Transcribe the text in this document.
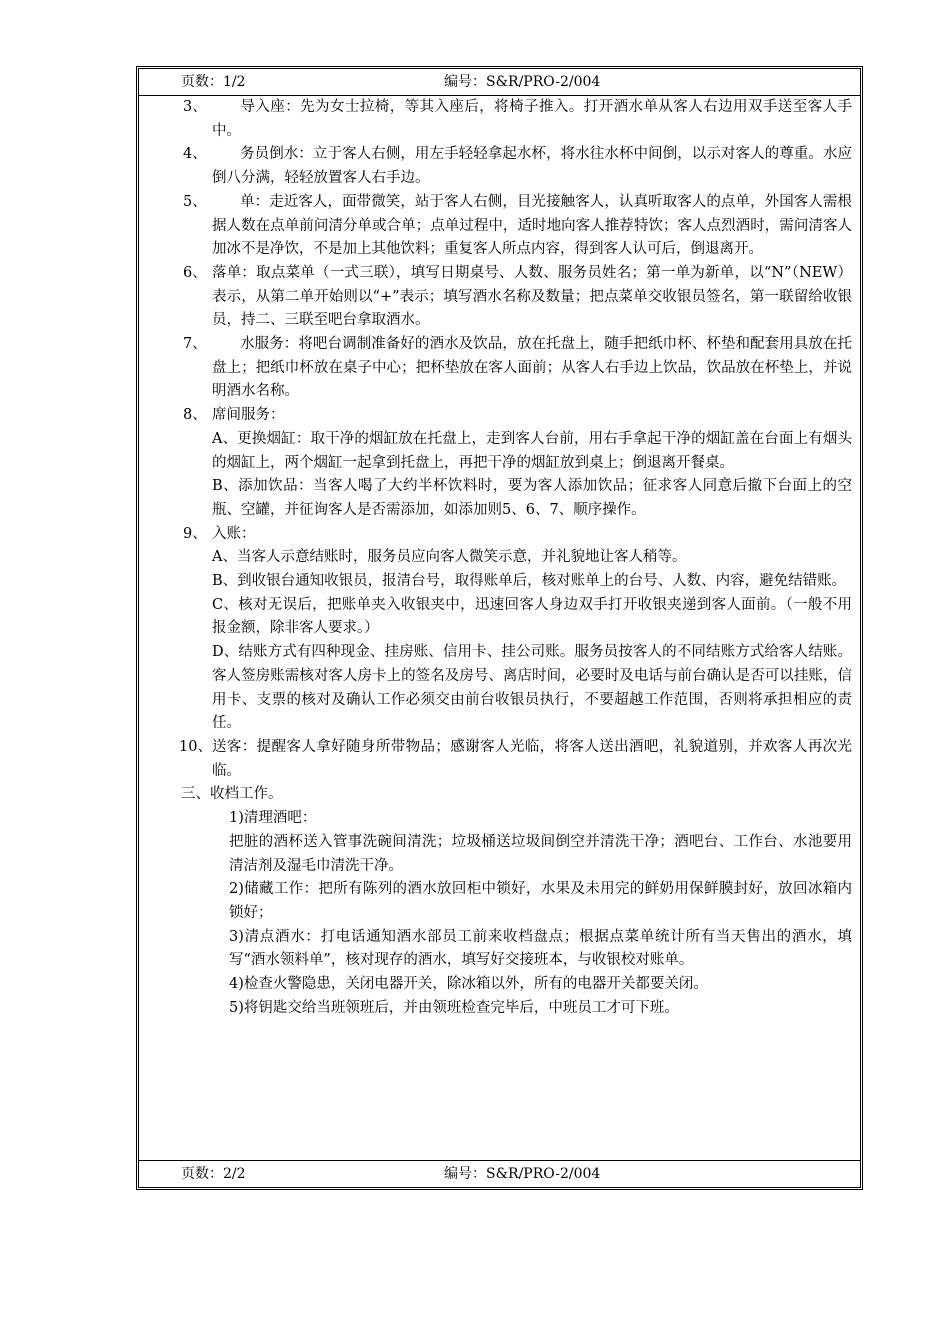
页数：1/2	编号：S&R/PRO-2/004
3、 导入座：先为女士拉椅，等其入座后，将椅子推入。打开酒水单从客人右边用双手送至客人手中。
4、 务员倒水：立于客人右侧，用左手轻轻拿起水杯，将水往水杯中间倒，以示对客人的尊重。水应倒八分满，轻轻放置客人右手边。
5、 单：走近客人，面带微笑，站于客人右侧，目光接触客人，认真听取客人的点单，外国客人需根据人数在点单前问清分单或合单；点单过程中，适时地向客人推荐特饮；客人点烈酒时，需问清客人加冰不是净饮，不是加上其他饮料；重复客人所点内容，得到客人认可后，倒退离开。
6、 落单：取点菜单（一式三联），填写日期桌号、人数、服务员姓名；第一单为新单，以“N”（NEW）表示，从第二单开始则以“+”表示；填写酒水名称及数量；把点菜单交收银员签名，第一联留给收银员，持二、三联至吧台拿取酒水。
7、 水服务：将吧台调制准备好的酒水及饮品，放在托盘上，随手把纸巾杯、杯垫和配套用具放在托盘上；把纸巾杯放在桌子中心；把杯垫放在客人面前；从客人右手边上饮品，饮品放在杯垫上，并说明酒水名称。
8、 席间服务：
A、更换烟缸：取干净的烟缸放在托盘上，走到客人台前，用右手拿起干净的烟缸盖在台面上有烟头的烟缸上，两个烟缸一起拿到托盘上，再把干净的烟缸放到桌上；倒退离开餐桌。
B、添加饮品：当客人喝了大约半杯饮料时，要为客人添加饮品；征求客人同意后撤下台面上的空瓶、空罐，并征询客人是否需添加，如添加则5、6、7、顺序操作。
9、 入账：
A、当客人示意结账时，服务员应向客人微笑示意，并礼貌地让客人稍等。
B、到收银台通知收银员，报清台号，取得账单后，核对账单上的台号、人数、内容，避免结错账。
C、核对无误后，把账单夹入收银夹中，迅速回客人身边双手打开收银夹递到客人面前。（一般不用报金额，除非客人要求。）
D、结账方式有四种现金、挂房账、信用卡、挂公司账。服务员按客人的不同结账方式给客人结账。客人签房账需核对客人房卡上的签名及房号、离店时间，必要时及电话与前台确认是否可以挂账，信用卡、支票的核对及确认工作必须交由前台收银员执行，不要超越工作范围，否则将承担相应的责任。
10、 送客：提醒客人拿好随身所带物品；感谢客人光临，将客人送出酒吧，礼貌道别，并欢客人再次光临。
三、收档工作。
1)清理酒吧：
把脏的酒杯送入管事洗碗间清洗；垃圾桶送垃圾间倒空并清洗干净；酒吧台、工作台、水池要用清洁剂及湿毛巾清洗干净。
2)储藏工作：把所有陈列的酒水放回柜中锁好，水果及未用完的鲜奶用保鲜膜封好，放回冰箱内锁好；
3)清点酒水：打电话通知酒水部员工前来收档盘点；根据点菜单统计所有当天售出的酒水，填写“酒水领料单”，核对现存的酒水，填写好交接班本，与收银校对账单。
4)检查火警隐患，关闭电器开关，除冰箱以外，所有的电器开关都要关闭。
5)将钥匙交给当班领班后，并由领班检查完毕后，中班员工才可下班。
页数：2/2	编号：S&R/PRO-2/004
